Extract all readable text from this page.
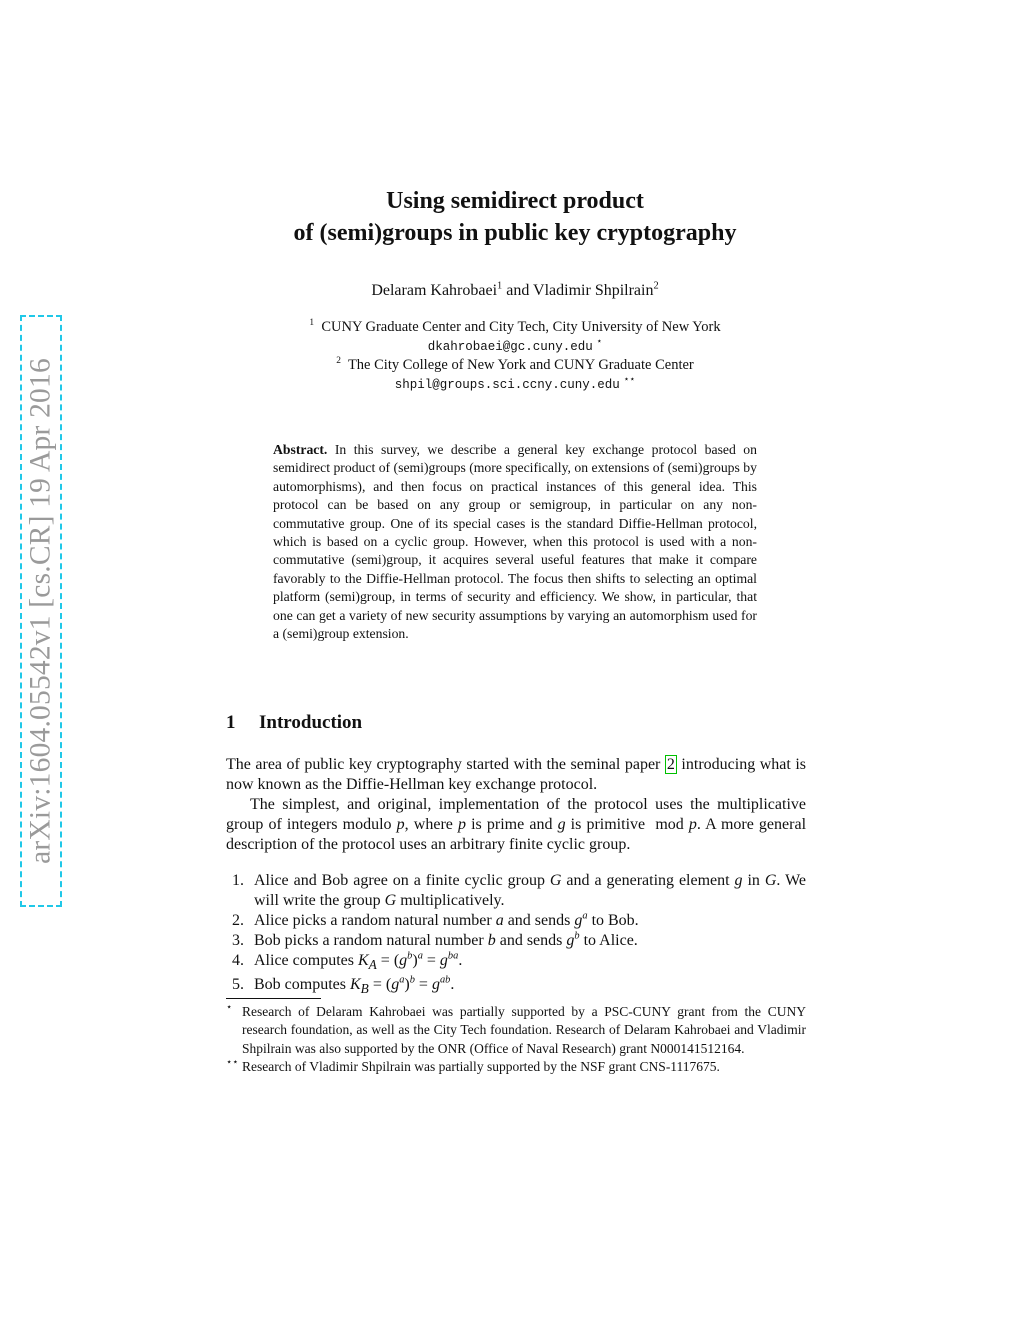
arXiv:1604.05542v1 [cs.CR] 19 Apr 2016
Using semidirect product
of (semi)groups in public key cryptography
Delaram Kahrobaei$^1$ and Vladimir Shpilrain$^2$
$^1$ CUNY Graduate Center and City Tech, City University of New York
dkahrobaei@gc.cuny.edu ⋆
$^2$ The City College of New York and CUNY Graduate Center
shpil@groups.sci.ccny.cuny.edu ⋆⋆
Abstract. In this survey, we describe a general key exchange protocol based on semidirect product of (semi)groups (more specifically, on extensions of (semi)groups by automorphisms), and then focus on practical instances of this general idea. This protocol can be based on any group or semigroup, in particular on any non-commutative group. One of its special cases is the standard Diffie-Hellman protocol, which is based on a cyclic group. However, when this protocol is used with a non-commutative (semi)group, it acquires several useful features that make it compare favorably to the Diffie-Hellman protocol. The focus then shifts to selecting an optimal platform (semi)group, in terms of security and efficiency. We show, in particular, that one can get a variety of new security assumptions by varying an automorphism used for a (semi)group extension.
1 Introduction

The area of public key cryptography started with the seminal paper 2 introducing what is now known as the Diffie-Hellman key exchange protocol.

The simplest, and original, implementation of the protocol uses the multiplicative group of integers modulo p, where p is prime and g is primitive  mod p. A more general description of the protocol uses an arbitrary finite cyclic group.

1. Alice and Bob agree on a finite cyclic group G and a generating element g in G. We will write the group G multiplicatively.
2. Alice picks a random natural number a and sends $g^a$ to Bob.
3. Bob picks a random natural number b and sends $g^b$ to Alice.
4. Alice computes $K_A = (g^b)^a = g^{ba}$.
5. Bob computes $K_B = (g^a)^b = g^{ab}$.

⋆ Research of Delaram Kahrobaei was partially supported by a PSC-CUNY grant from the CUNY research foundation, as well as the City Tech foundation. Research of Delaram Kahrobaei and Vladimir Shpilrain was also supported by the ONR (Office of Naval Research) grant N000141512164.

⋆⋆ Research of Vladimir Shpilrain was partially supported by the NSF grant CNS-1117675.
